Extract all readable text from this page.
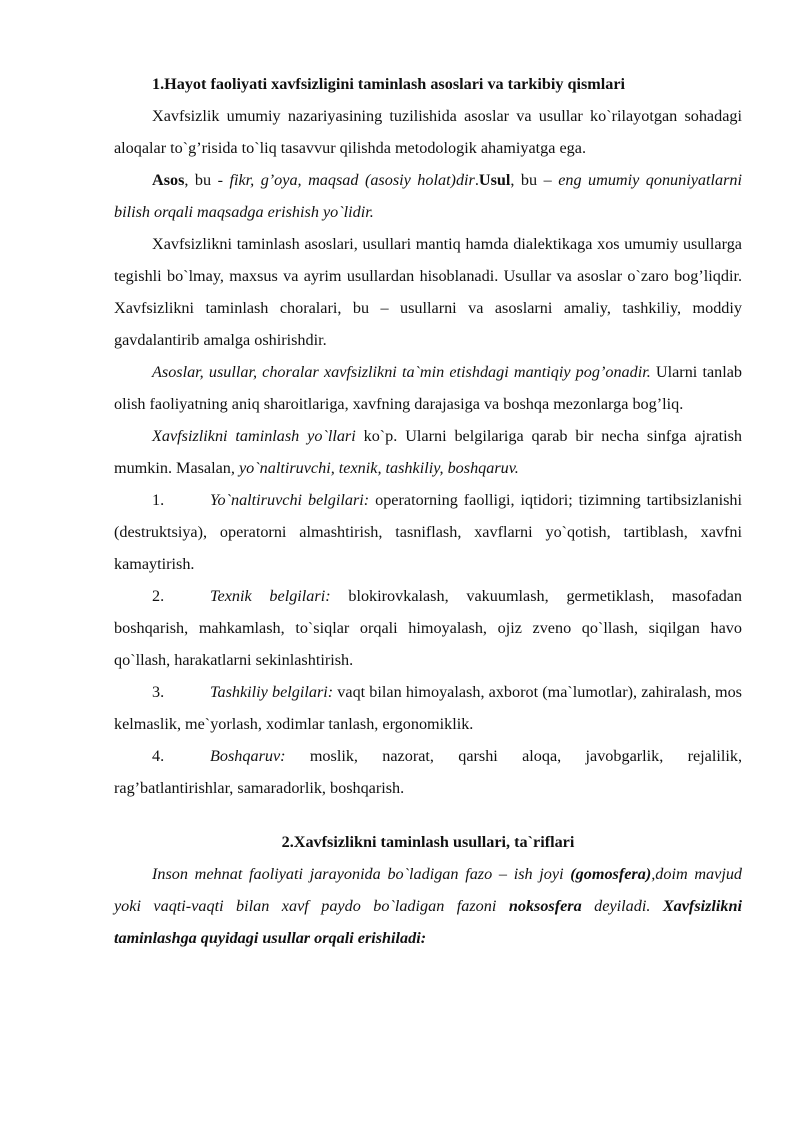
1.Hayot faoliyati xavfsizligini taminlash asoslari va tarkibiy qismlari

Xavfsizlik umumiy nazariyasining tuzilishida asoslar va usullar ko`rilayotgan sohadagi aloqalar to`g’risida to`liq tasavvur qilishda metodologik ahamiyatga ega.

Asos, bu - fikr, g’oya, maqsad (asosiy holat)dir.Usul, bu – eng umumiy qonuniyatlarni bilish orqali maqsadga erishish yo`lidir.

Xavfsizlikni taminlash asoslari, usullari mantiq hamda dialektikaga xos umumiy usullarga tegishli bo`lmay, maxsus va ayrim usullardan hisoblanadi. Usullar va asoslar o`zaro bog’liqdir. Xavfsizlikni taminlash choralari, bu – usullarni va asoslarni amaliy, tashkiliy, moddiy gavdalantirib amalga oshirishdir.

Asoslar, usullar, choralar xavfsizlikni ta`min etishdagi mantiqiy pog’onadir. Ularni tanlab olish faoliyatning aniq sharoitlariga, xavfning darajasiga va boshqa mezonlarga bog’liq.

Xavfsizlikni taminlash yo`llari ko`p. Ularni belgilariga qarab bir necha sinfga ajratish mumkin. Masalan, yo`naltiruvchi, texnik, tashkiliy, boshqaruv.

1.	Yo`naltiruvchi belgilari: operatorning faolligi, iqtidori; tizimning tartibsizlanishi (destruktsiya), operatorni almashtirish, tasniflash, xavflarni yo`qotish, tartiblash, xavfni kamaytirish.

2.	Texnik belgilari: blokirovkalash, vakuumlash, germetiklash, masofadan boshqarish, mahkamlash, to`siqlar orqali himoyalash, ojiz zveno qo`llash, siqilgan havo qo`llash, harakatlarni sekinlashtirish.

3.	Tashkiliy belgilari: vaqt bilan himoyalash, axborot (ma`lumotlar), zahiralash, mos kelmaslik, me`yorlash, xodimlar tanlash, ergonomiklik.

4.	Boshqaruv: moslik, nazorat, qarshi aloqa, javobgarlik, rejalilik, rag’batlantirishlar, samaradorlik, boshqarish.

2.Xavfsizlikni taminlash usullari, ta`riflari

Inson mehnat faoliyati jarayonida bo`ladigan fazo – ish joyi (gomosfera),doim mavjud yoki vaqti-vaqti bilan xavf paydo bo`ladigan fazoni noksosfera deyiladi. Xavfsizlikni taminlashga quyidagi usullar orqali erishiladi:
